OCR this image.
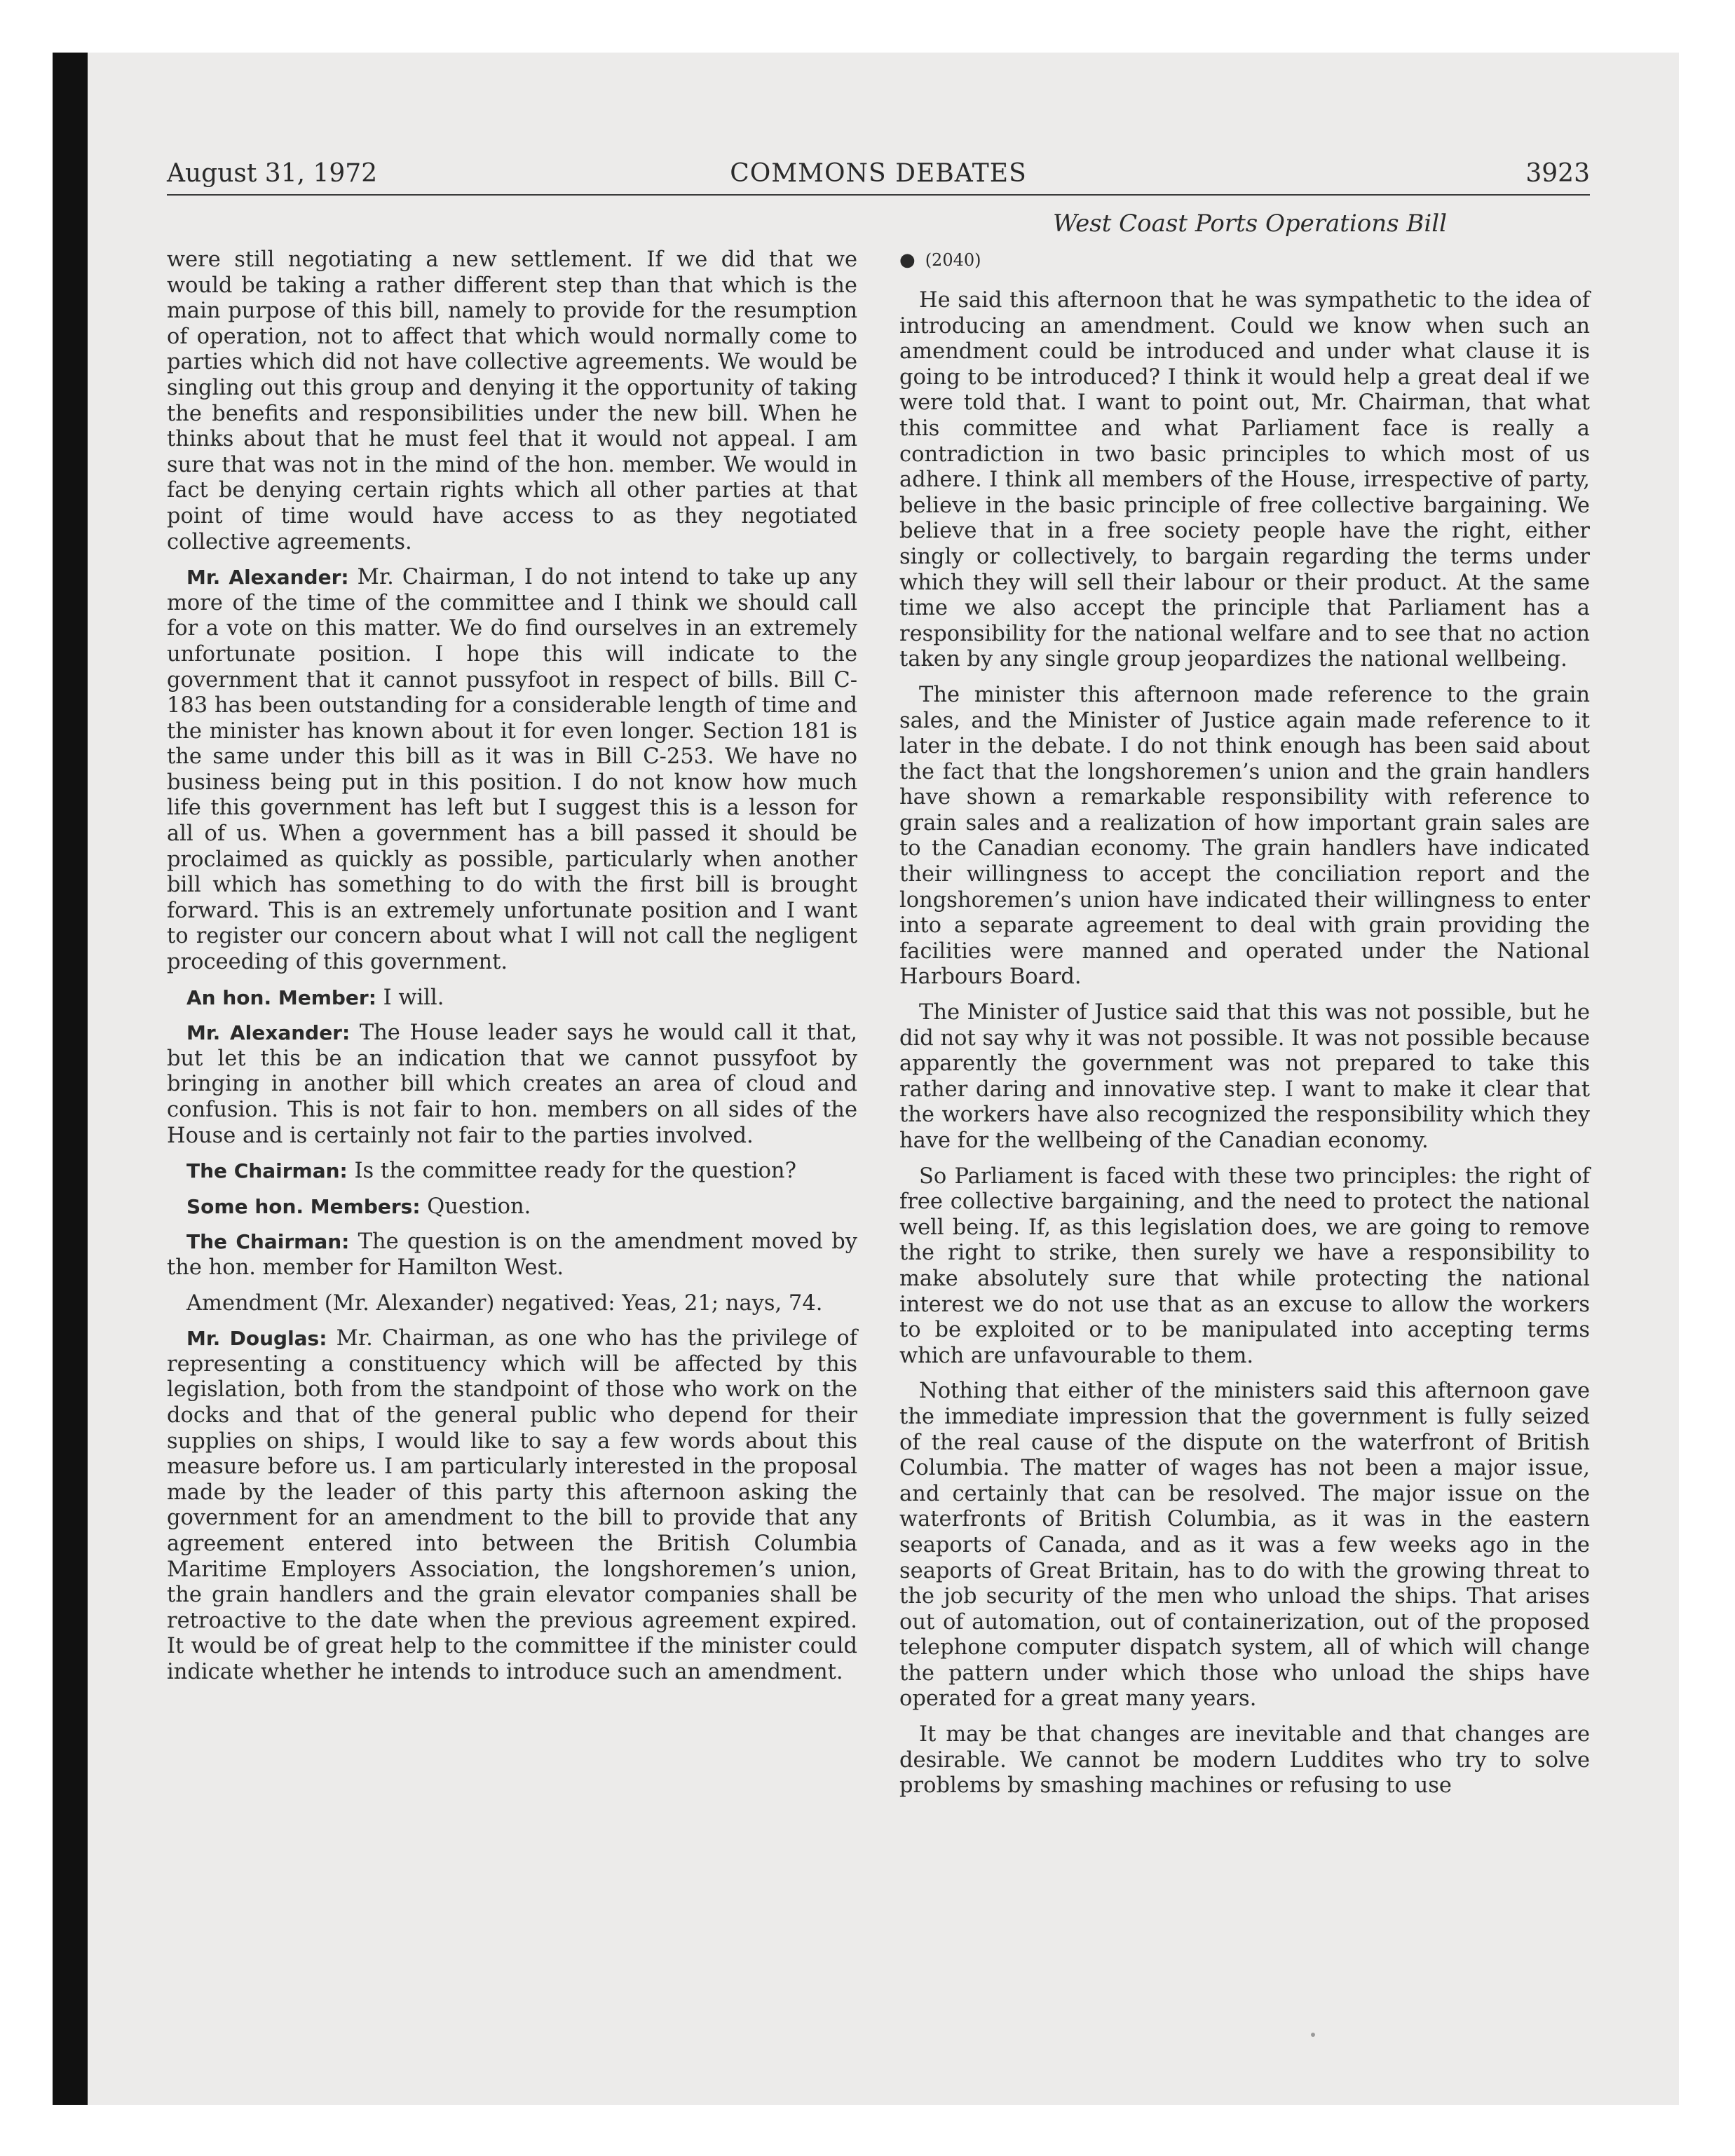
August 31, 1972	COMMONS DEBATES	3923
West Coast Ports Operations Bill

were still negotiating a new settlement. If we did that we would be taking a rather different step than that which is the main purpose of this bill, namely to provide for the resumption of operation, not to affect that which would normally come to parties which did not have collective agreements. We would be singling out this group and denying it the opportunity of taking the benefits and responsibilities under the new bill. When he thinks about that he must feel that it would not appeal. I am sure that was not in the mind of the hon. member. We would in fact be denying certain rights which all other parties at that point of time would have access to as they negotiated collective agreements.

Mr. Alexander: Mr. Chairman, I do not intend to take up any more of the time of the committee and I think we should call for a vote on this matter. We do find ourselves in an extremely unfortunate position. I hope this will indicate to the government that it cannot pussyfoot in respect of bills. Bill C-183 has been outstanding for a considerable length of time and the minister has known about it for even longer. Section 181 is the same under this bill as it was in Bill C-253. We have no business being put in this position. I do not know how much life this government has left but I suggest this is a lesson for all of us. When a government has a bill passed it should be proclaimed as quickly as possible, particularly when another bill which has something to do with the first bill is brought forward. This is an extremely unfortunate position and I want to register our concern about what I will not call the negligent proceeding of this government.

An hon. Member: I will.

Mr. Alexander: The House leader says he would call it that, but let this be an indication that we cannot pussyfoot by bringing in another bill which creates an area of cloud and confusion. This is not fair to hon. members on all sides of the House and is certainly not fair to the parties involved.

The Chairman: Is the committee ready for the question?

Some hon. Members: Question.

The Chairman: The question is on the amendment moved by the hon. member for Hamilton West.

Amendment (Mr. Alexander) negatived: Yeas, 21; nays, 74.

Mr. Douglas: Mr. Chairman, as one who has the privilege of representing a constituency which will be affected by this legislation, both from the standpoint of those who work on the docks and that of the general public who depend for their supplies on ships, I would like to say a few words about this measure before us. I am particularly interested in the proposal made by the leader of this party this afternoon asking the government for an amendment to the bill to provide that any agreement entered into between the British Columbia Maritime Employers Association, the longshoremen’s union, the grain handlers and the grain elevator companies shall be retroactive to the date when the previous agreement expired. It would be of great help to the committee if the minister could indicate whether he intends to introduce such an amendment.

● (2040)

He said this afternoon that he was sympathetic to the idea of introducing an amendment. Could we know when such an amendment could be introduced and under what clause it is going to be introduced? I think it would help a great deal if we were told that. I want to point out, Mr. Chairman, that what this committee and what Parliament face is really a contradiction in two basic principles to which most of us adhere. I think all members of the House, irrespective of party, believe in the basic principle of free collective bargaining. We believe that in a free society people have the right, either singly or collectively, to bargain regarding the terms under which they will sell their labour or their product. At the same time we also accept the principle that Parliament has a responsibility for the national welfare and to see that no action taken by any single group jeopardizes the national wellbeing.

The minister this afternoon made reference to the grain sales, and the Minister of Justice again made reference to it later in the debate. I do not think enough has been said about the fact that the longshoremen’s union and the grain handlers have shown a remarkable responsibility with reference to grain sales and a realization of how important grain sales are to the Canadian economy. The grain handlers have indicated their willingness to accept the conciliation report and the longshoremen’s union have indicated their willingness to enter into a separate agreement to deal with grain providing the facilities were manned and operated under the National Harbours Board.

The Minister of Justice said that this was not possible, but he did not say why it was not possible. It was not possible because apparently the government was not prepared to take this rather daring and innovative step. I want to make it clear that the workers have also recognized the responsibility which they have for the wellbeing of the Canadian economy.

So Parliament is faced with these two principles: the right of free collective bargaining, and the need to protect the national well being. If, as this legislation does, we are going to remove the right to strike, then surely we have a responsibility to make absolutely sure that while protecting the national interest we do not use that as an excuse to allow the workers to be exploited or to be manipulated into accepting terms which are unfavourable to them.

Nothing that either of the ministers said this afternoon gave the immediate impression that the government is fully seized of the real cause of the dispute on the waterfront of British Columbia. The matter of wages has not been a major issue, and certainly that can be resolved. The major issue on the waterfronts of British Columbia, as it was in the eastern seaports of Canada, and as it was a few weeks ago in the seaports of Great Britain, has to do with the growing threat to the job security of the men who unload the ships. That arises out of automation, out of containerization, out of the proposed telephone computer dispatch system, all of which will change the pattern under which those who unload the ships have operated for a great many years.

It may be that changes are inevitable and that changes are desirable. We cannot be modern Luddites who try to solve problems by smashing machines or refusing to use
